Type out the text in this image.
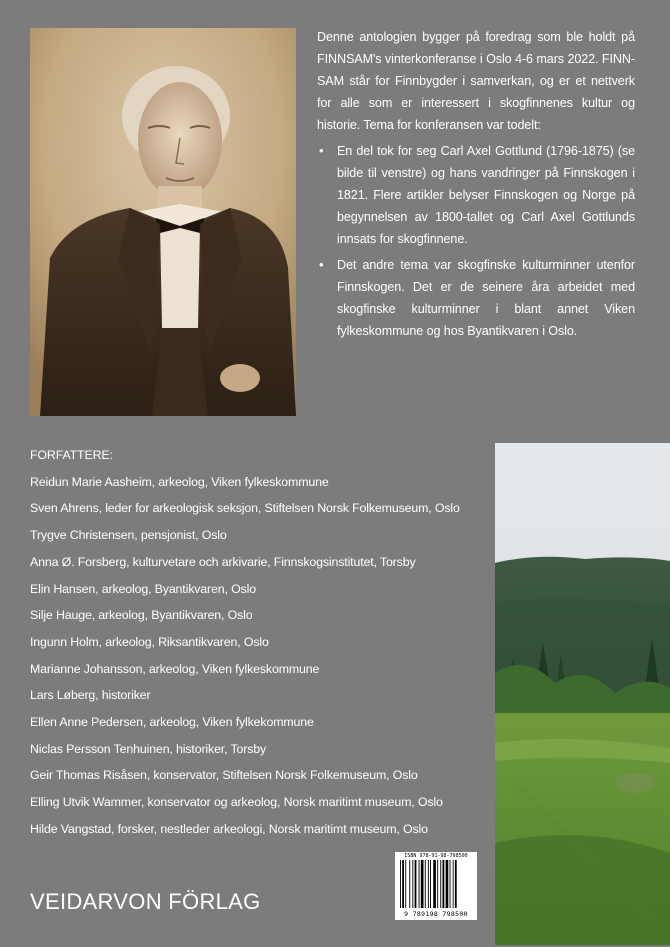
Denne antologien bygger på foredrag som ble holdt på FINNSAM's vinterkonferanse i Oslo 4-6 mars 2022. FINN-SAM står for Finnbygder i samverkan, og er et nettverk for alle som er interessert i skogfinnenes kultur og historie. Tema for konferansen var todelt:

• En del tok for seg Carl Axel Gottlund (1796-1875) (se bilde til venstre) og hans vandringer på Finnskogen i 1821. Flere artikler belyser Finnskogen og Norge på begynnelsen av 1800-tallet og Carl Axel Gottlunds innsats for skogfinnene.
• Det andre tema var skogfinske kulturminner utenfor Finnskogen. Det er de seinere åra arbeidet med skogfinske kulturminner i blant annet Viken fylkeskommune og hos Byantikvaren i Oslo.
FORFATTERE:
Reidun Marie Aasheim, arkeolog, Viken fylkeskommune
Sven Ahrens, leder for arkeologisk seksjon, Stiftelsen Norsk Folkemuseum, Oslo
Trygve Christensen, pensjonist, Oslo
Anna Ø. Forsberg, kulturvetare och arkivarie, Finnskogsinstitutet, Torsby
Elin Hansen, arkeolog, Byantikvaren, Oslo
Silje Hauge, arkeolog, Byantikvaren, Oslo
Ingunn Holm, arkeolog, Riksantikvaren, Oslo
Marianne Johansson, arkeolog, Viken fylkeskommune
Lars Løberg, historiker
Ellen Anne Pedersen, arkeolog, Viken fylkekommune
Niclas Persson Tenhuinen, historiker, Torsby
Geir Thomas Risåsen, konservator, Stiftelsen Norsk Folkemuseum, Oslo
Elling Utvik Wammer, konservator og arkeolog, Norsk maritimt museum, Oslo
Hilde Vangstad, forsker, nestleder arkeologi, Norsk maritimt museum, Oslo
VEIDARVON FÖRLAG
ISBN 978-91-98-798500
9 789198 798500
